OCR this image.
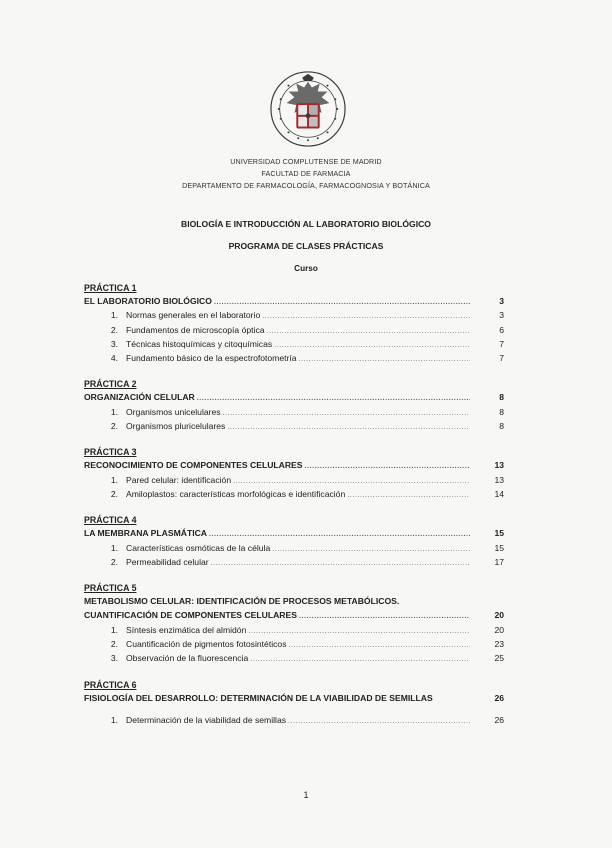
UNIVERSIDAD COMPLUTENSE DE MADRID
FACULTAD DE FARMACIA
DEPARTAMENTO DE FARMACOLOGÍA, FARMACOGNOSIA Y BOTÁNICA
BIOLOGÍA E INTRODUCCIÓN AL LABORATORIO BIOLÓGICO
PROGRAMA DE CLASES PRÁCTICAS
Curso
PRÁCTICA 1
EL LABORATORIO BIOLÓGICO .....	3
1. Normas generales en el laboratorio .....	3
2. Fundamentos de microscopía óptica .....	6
3. Técnicas histoquímicas y citoquímicas .....	7
4. Fundamento básico de la espectrofotometría .....	7
PRÁCTICA 2
ORGANIZACIÓN CELULAR .....	8
1. Organismos unicelulares .....	8
2. Organismos pluricelulares .....	8
PRÁCTICA 3
RECONOCIMIENTO DE COMPONENTES CELULARES .....	13
1. Pared celular: identificación .....	13
2. Amiloplastos: características morfológicas e identificación .....	14
PRÁCTICA 4
LA MEMBRANA PLASMÁTICA .....	15
1. Características osmóticas de la célula .....	15
2. Permeabilidad celular .....	17
PRÁCTICA 5
METABOLISMO CELULAR: IDENTIFICACIÓN DE PROCESOS METABÓLICOS.
CUANTIFICACIÓN DE COMPONENTES CELULARES .....	20
1. Síntesis enzimática del almidón .....	20
2. Cuantificación de pigmentos fotosintéticos .....	23
3. Observación de la fluorescencia .....	25
PRÁCTICA 6
FISIOLOGÍA DEL DESARROLLO: DETERMINACIÓN DE LA VIABILIDAD DE SEMILLAS	26
1. Determinación de la viabilidad de semillas .....	26
1
